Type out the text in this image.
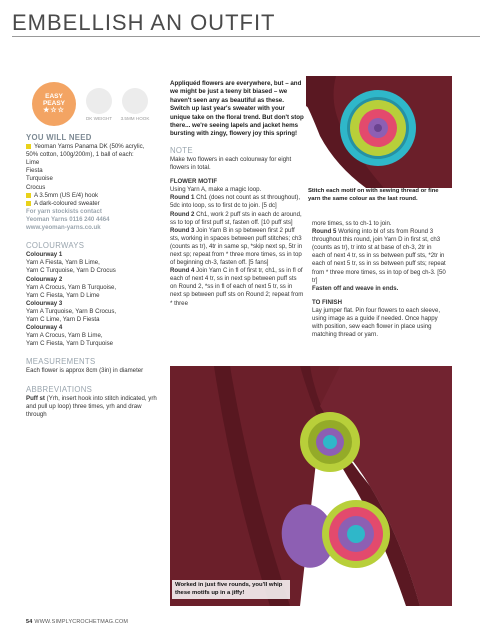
EMBELLISH AN OUTFIT
EASY
PEASY
★☆☆
DK WEIGHT	3.5MM HOOK
YOU WILL NEED
Yeoman Yarns Panama DK (50% acrylic, 50% cotton, 100g/200m), 1 ball of each:
Lime
Fiesta
Turquoise
Crocus
A 3.5mm (US E/4) hook
A dark-coloured sweater
For yarn stockists contact
Yeoman Yarns 0116 240 4464
www.yeoman-yarns.co.uk
COLOURWAYS
Colourway 1
Yarn A Fiesta, Yarn B Lime,
Yarn C Turquoise, Yarn D Crocus
Colourway 2
Yarn A Crocus, Yarn B Turquoise,
Yarn C Fiesta, Yarn D Lime
Colourway 3
Yarn A Turquoise, Yarn B Crocus,
Yarn C Lime, Yarn D Fiesta
Colourway 4
Yarn A Crocus, Yarn B Lime,
Yarn C Fiesta, Yarn D Turquoise
MEASUREMENTS
Each flower is approx 8cm (3in) in diameter
ABBREVIATIONS
Puff st (Yrh, insert hook into stitch indicated, yrh and pull up loop) three times, yrh and draw through
Appliquéd flowers are everywhere, but – and we might be just a teeny bit biased – we haven't seen any as beautiful as these. Switch up last year's sweater with your unique take on the floral trend. But don't stop there... we're seeing lapels and jacket hems bursting with zingy, flowery joy this spring!
NOTE
Make two flowers in each colourway for eight flowers in total.
FLOWER MOTIF
Using Yarn A, make a magic loop.
Round 1 Ch1 (does not count as st throughout), 5dc into loop, ss to first dc to join. [5 dc]
Round 2 Ch1, work 2 puff sts in each dc around, ss to top of first puff st, fasten off. [10 puff sts]
Round 3 Join Yarn B in sp between first 2 puff sts, working in spaces between puff stitches; ch3 (counts as tr), 4tr in same sp, *skip next sp, 5tr in next sp; repeat from * three more times, ss in top of beginning ch-3, fasten off. [5 fans]
Round 4 Join Yarn C in fl of first tr, ch1, ss in fl of each of next 4 tr, ss in next sp between puff sts on Round 2, *ss in fl of each of next 5 tr, ss in next sp between puff sts on Round 2; repeat from * three
Stitch each motif on with sewing thread or fine yarn the same colour as the last round.
more times, ss to ch-1 to join.
Round 5 Working into bl of sts from Round 3 throughout this round, join Yarn D in first st, ch3 (counts as tr), tr into st at base of ch-3, 2tr in each of next 4 tr, ss in ss between puff sts, *2tr in each of next 5 tr, ss in ss between puff sts; repeat from * three more times, ss in top of beg ch-3. [50 tr]
Fasten off and weave in ends.
TO FINISH
Lay jumper flat. Pin four flowers to each sleeve, using image as a guide if needed. Once happy with position, sew each flower in place using matching thread or yarn.
Worked in just five rounds, you'll whip these motifs up in a jiffy!
54 WWW.SIMPLYCROCHETMAG.COM
